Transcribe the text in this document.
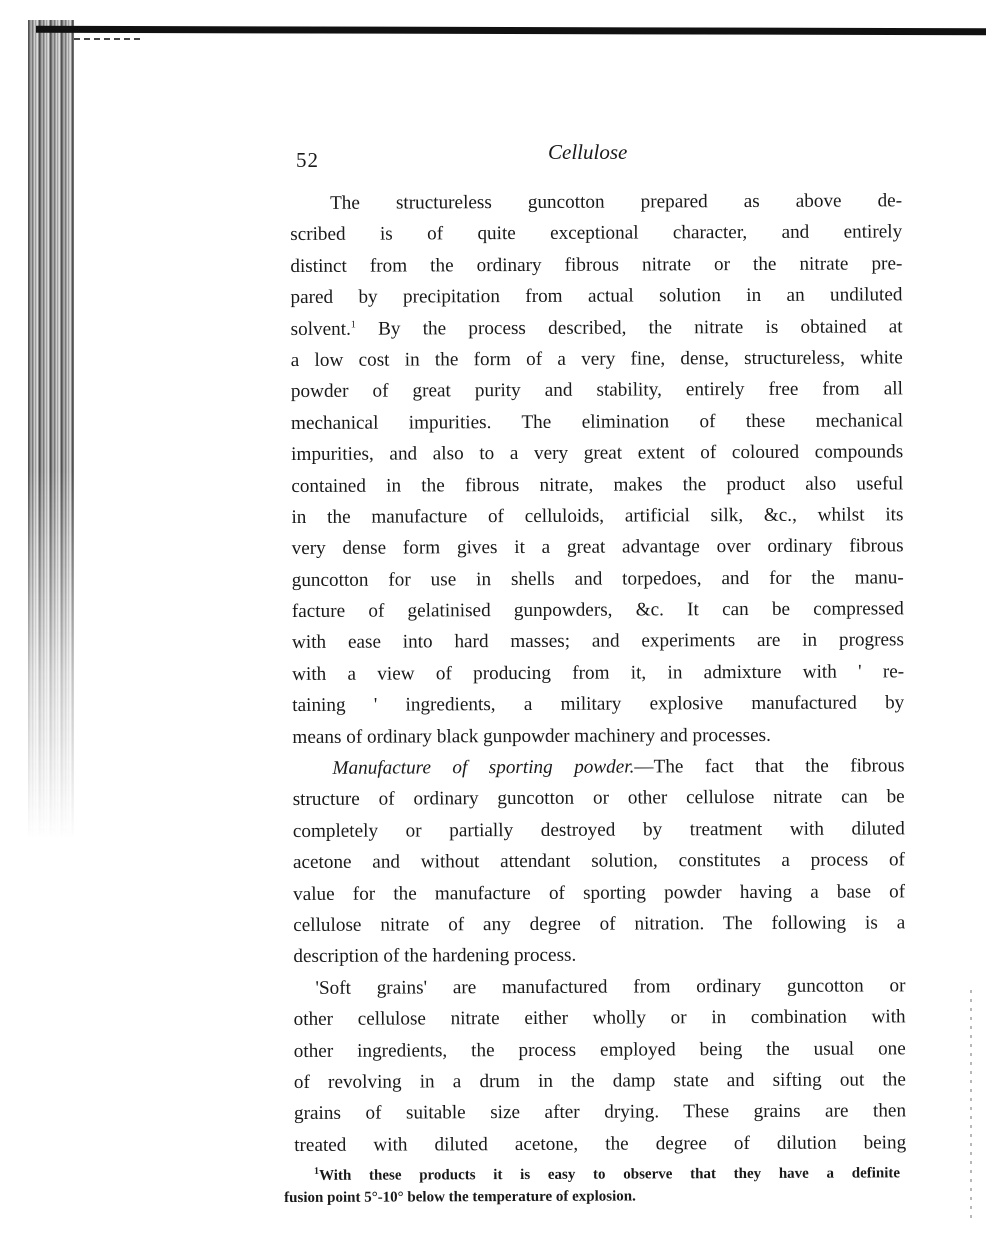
52	Cellulose
The structureless guncotton prepared as above de-
scribed is of quite exceptional character, and entirely
distinct from the ordinary fibrous nitrate or the nitrate pre-
pared by precipitation from actual solution in an undiluted
solvent.$^1$ By the process described, the nitrate is obtained at
a low cost in the form of a very fine, dense, structureless, white
powder of great purity and stability, entirely free from all
mechanical impurities. The elimination of these mechanical
impurities, and also to a very great extent of coloured compounds
contained in the fibrous nitrate, makes the product also useful
in the manufacture of celluloids, artificial silk, &c., whilst its
very dense form gives it a great advantage over ordinary fibrous
guncotton for use in shells and torpedoes, and for the manu-
facture of gelatinised gunpowders, &c. It can be compressed
with ease into hard masses; and experiments are in progress
with a view of producing from it, in admixture with ' re-
taining ' ingredients, a military explosive manufactured by
means of ordinary black gunpowder machinery and processes.
Manufacture of sporting powder.—The fact that the fibrous
structure of ordinary guncotton or other cellulose nitrate can be
completely or partially destroyed by treatment with diluted
acetone and without attendant solution, constitutes a process of
value for the manufacture of sporting powder having a base of
cellulose nitrate of any degree of nitration. The following is a
description of the hardening process.
'Soft grains' are manufactured from ordinary guncotton or
other cellulose nitrate either wholly or in combination with
other ingredients, the process employed being the usual one
of revolving in a drum in the damp state and sifting out the
grains of suitable size after drying. These grains are then
treated with diluted acetone, the degree of dilution being
$^1$With these products it is easy to observe that they have a definite
fusion point 5°-10° below the temperature of explosion.
